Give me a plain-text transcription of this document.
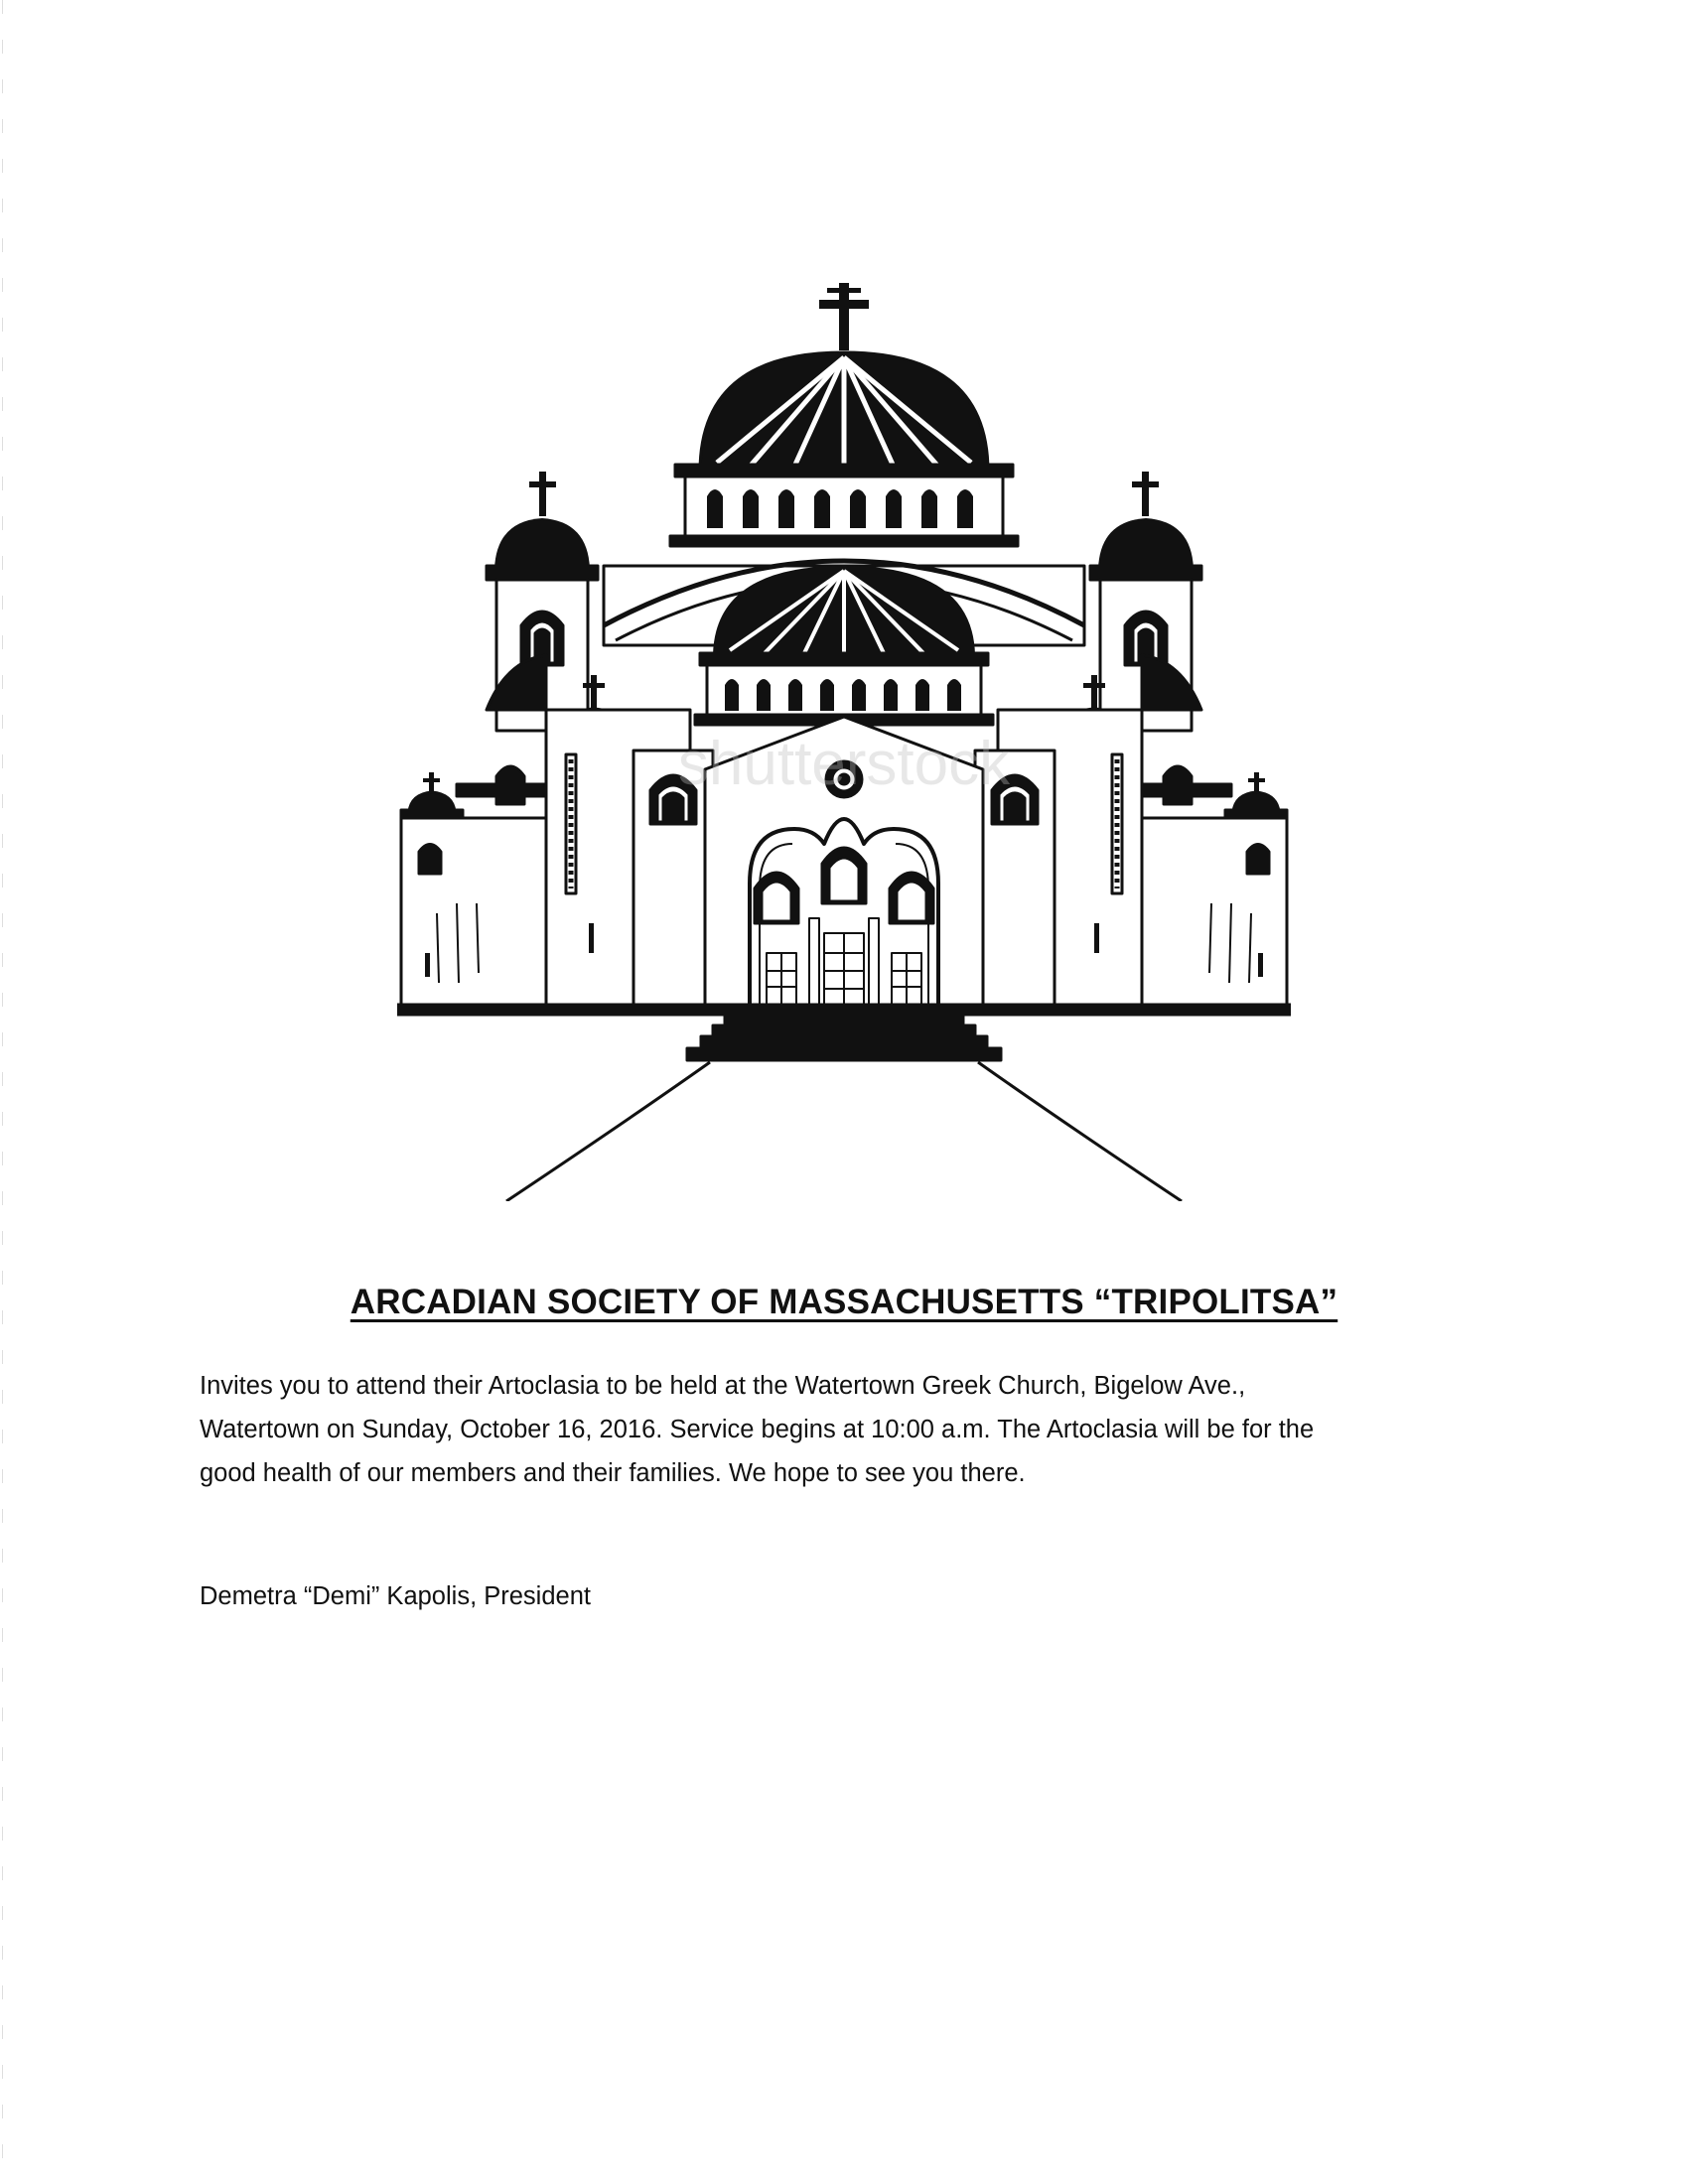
shutterstock
ARCADIAN SOCIETY OF MASSACHUSETTS “TRIPOLITSA”
Invites you to attend their Artoclasia to be held at the Watertown Greek Church, Bigelow Ave.,
Watertown on Sunday, October 16, 2016. Service begins at 10:00 a.m. The Artoclasia will be for the
good health of our members and their families. We hope to see you there.
Demetra “Demi” Kapolis, President
